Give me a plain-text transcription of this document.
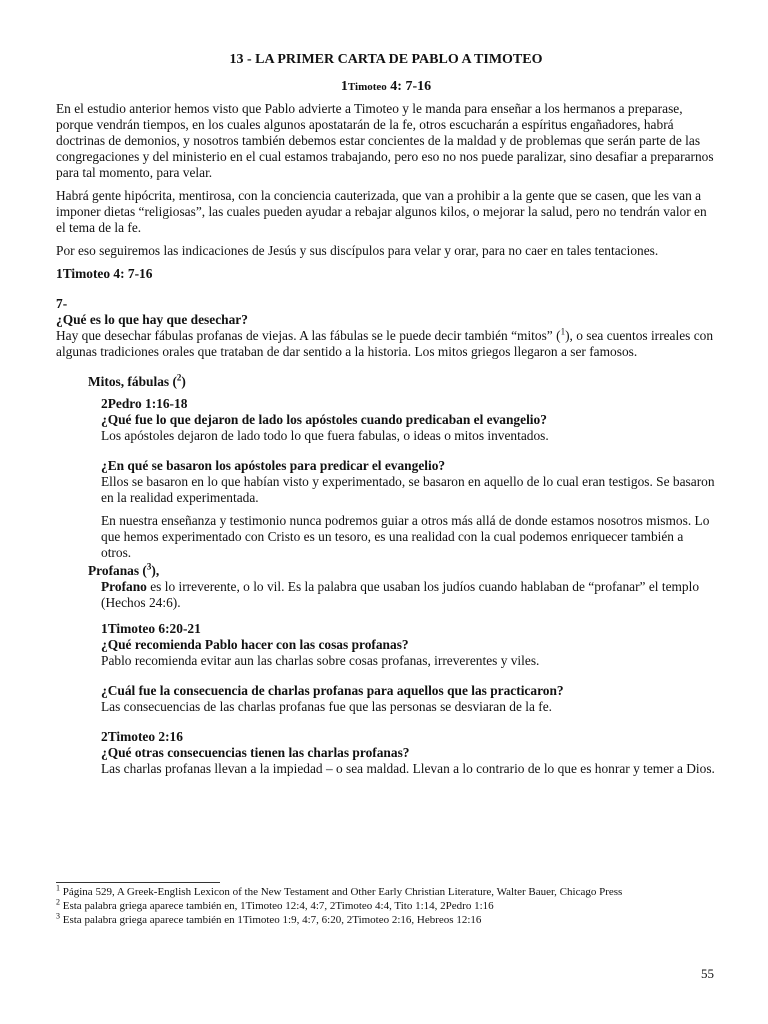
13 - LA PRIMER CARTA DE PABLO A TIMOTEO

1Timoteo 4: 7-16

En el estudio anterior hemos visto que Pablo advierte a Timoteo y le manda para enseñar a los hermanos a preparase, porque vendrán tiempos, en los cuales algunos apostatarán de la fe, otros escucharán a espíritus engañadores, habrá doctrinas de demonios, y nosotros también debemos estar concientes de la maldad y de problemas que serán parte de las congregaciones y del ministerio en el cual estamos trabajando, pero eso no nos puede paralizar, sino desafiar a prepararnos para tal momento, para velar.

Habrá gente hipócrita, mentirosa, con la conciencia cauterizada, que van a prohibir a la gente que se casen, que les van a imponer dietas “religiosas”, las cuales pueden ayudar a rebajar algunos kilos, o mejorar la salud, pero no tendrán valor en el tema de la fe.

Por eso seguiremos las indicaciones de Jesús y sus discípulos para velar y orar, para no caer en tales tentaciones.

1Timoteo 4: 7-16

7-

¿Qué es lo que hay que desechar?

Hay que desechar fábulas profanas de viejas. A las fábulas se le puede decir también “mitos” ($^1$), o sea cuentos irreales con algunas tradiciones orales que trataban de dar sentido a la historia. Los mitos griegos llegaron a ser famosos.

Mitos, fábulas ($^2$)

2Pedro 1:16-18

¿Qué fue lo que dejaron de lado los apóstoles cuando predicaban el evangelio?

Los apóstoles dejaron de lado todo lo que fuera fabulas, o ideas o mitos inventados.

¿En qué se basaron los apóstoles para predicar el evangelio?

Ellos se basaron en lo que habían visto y experimentado, se basaron en aquello de lo cual eran testigos. Se basaron en la realidad experimentada.

En nuestra enseñanza y testimonio nunca podremos guiar a otros más allá de donde estamos nosotros mismos. Lo que hemos experimentado con Cristo es un tesoro, es una realidad con la cual podemos enriquecer también a otros.

Profanas ($^3$),

Profano es lo irreverente, o lo vil. Es la palabra que usaban los judíos cuando hablaban de “profanar” el templo (Hechos 24:6).

1Timoteo 6:20-21

¿Qué recomienda Pablo hacer con las cosas profanas?

Pablo recomienda evitar aun las charlas sobre cosas profanas, irreverentes y viles.

¿Cuál fue la consecuencia de charlas profanas para aquellos que las practicaron?

Las consecuencias de las charlas profanas fue que las personas se desviaran de la fe.

2Timoteo 2:16

¿Qué otras consecuencias tienen las charlas profanas?

Las charlas profanas llevan a la impiedad – o sea maldad. Llevan a lo contrario de lo que es honrar y temer a Dios.

$^1$ Página 529, A Greek-English Lexicon of the New Testament and Other Early Christian Literature, Walter Bauer, Chicago Press

$^2$ Esta palabra griega aparece también en, 1Timoteo 12:4, 4:7, 2Timoteo 4:4, Tito 1:14, 2Pedro 1:16

$^3$ Esta palabra griega aparece también en 1Timoteo 1:9, 4:7, 6:20, 2Timoteo 2:16, Hebreos 12:16

55
